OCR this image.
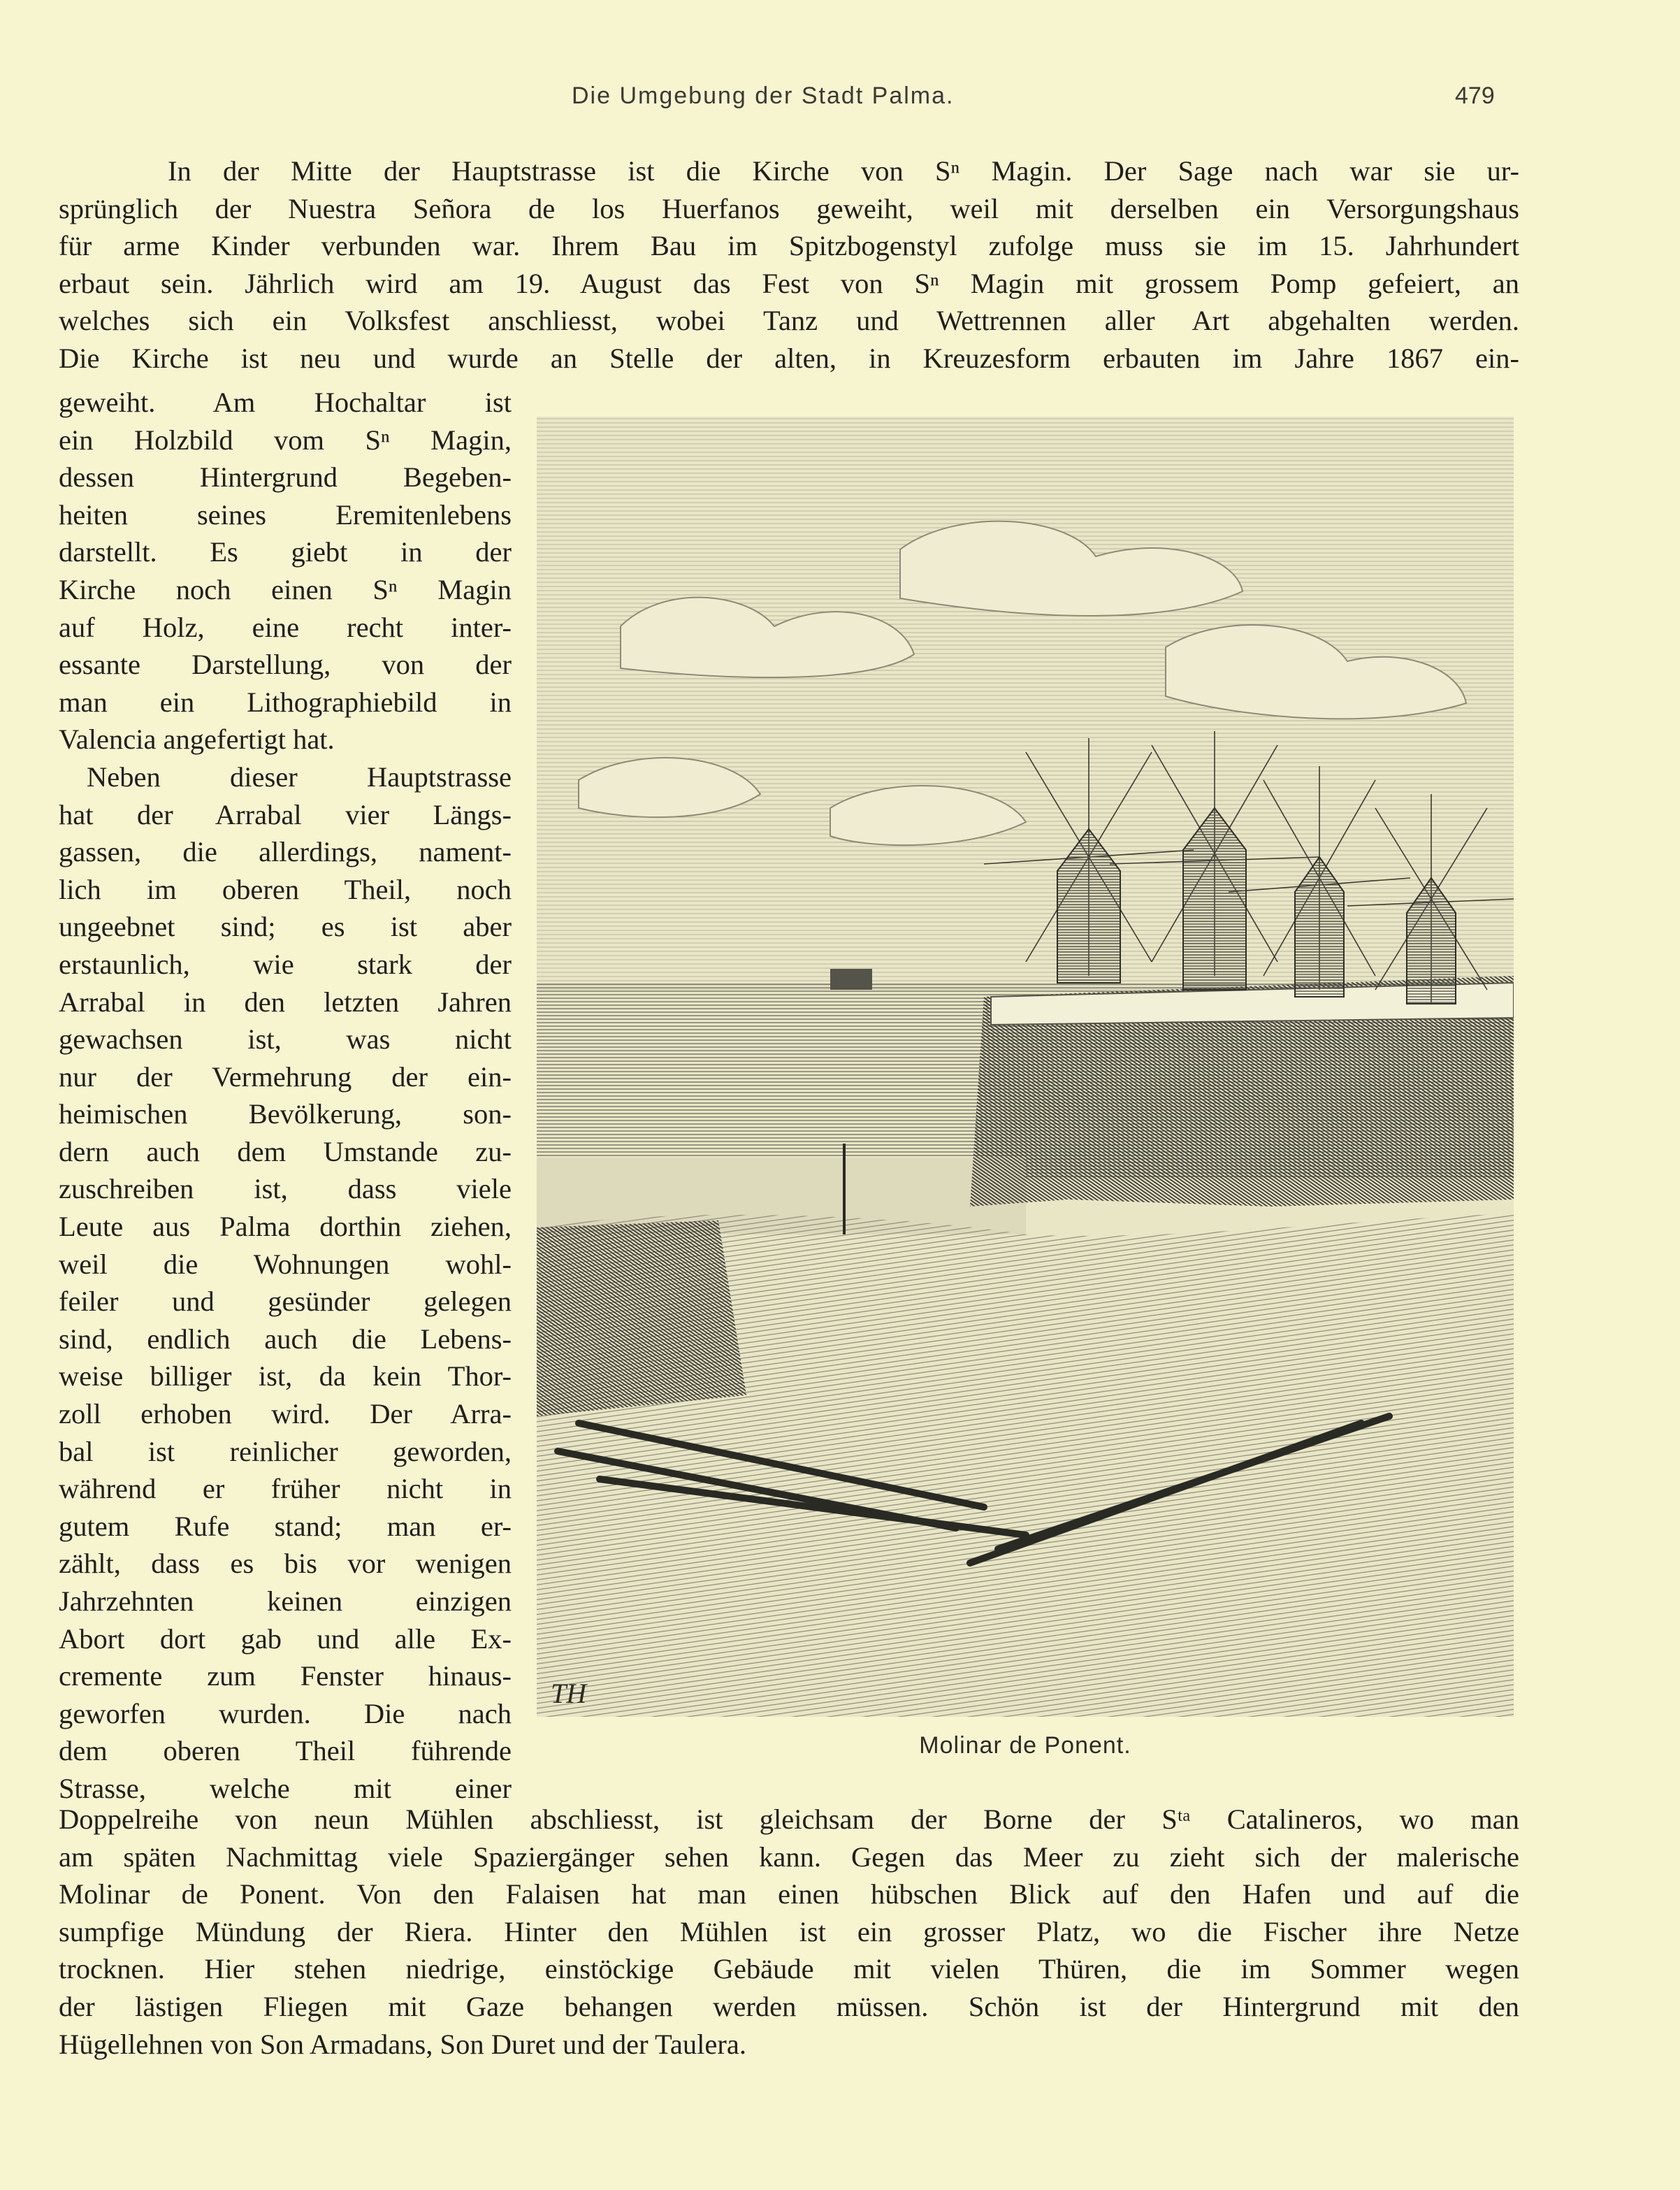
Die Umgebung der Stadt Palma.	479
In der Mitte der Hauptstrasse ist die Kirche von Sⁿ Magin. Der Sage nach war sie ur-
sprünglich der Nuestra Señora de los Huerfanos geweiht, weil mit derselben ein Versorgungshaus
für arme Kinder verbunden war. Ihrem Bau im Spitzbogenstyl zufolge muss sie im 15. Jahrhundert
erbaut sein. Jährlich wird am 19. August das Fest von Sⁿ Magin mit grossem Pomp gefeiert, an
welches sich ein Volksfest anschliesst, wobei Tanz und Wettrennen aller Art abgehalten werden.
Die Kirche ist neu und wurde an Stelle der alten, in Kreuzesform erbauten im Jahre 1867 ein-
geweiht. Am Hochaltar ist
ein Holzbild vom Sⁿ Magin,
dessen Hintergrund Begeben-
heiten seines Eremitenlebens
darstellt. Es giebt in der
Kirche noch einen Sⁿ Magin
auf Holz, eine recht inter-
essante Darstellung, von der
man ein Lithographiebild in
Valencia angefertigt hat.
Neben dieser Hauptstrasse
hat der Arrabal vier Längs-
gassen, die allerdings, nament-
lich im oberen Theil, noch
ungeebnet sind; es ist aber
erstaunlich, wie stark der
Arrabal in den letzten Jahren
gewachsen ist, was nicht
nur der Vermehrung der ein-
heimischen Bevölkerung, son-
dern auch dem Umstande zu-
zuschreiben ist, dass viele
Leute aus Palma dorthin ziehen,
weil die Wohnungen wohl-
feiler und gesünder gelegen
sind, endlich auch die Lebens-
weise billiger ist, da kein Thor-
zoll erhoben wird. Der Arra-
bal ist reinlicher geworden,
während er früher nicht in
gutem Rufe stand; man er-
zählt, dass es bis vor wenigen
Jahrzehnten keinen einzigen
Abort dort gab und alle Ex-
cremente zum Fenster hinaus-
geworfen wurden. Die nach
dem oberen Theil führende
Strasse, welche mit einer
TH
Molinar de Ponent.
Doppelreihe von neun Mühlen abschliesst, ist gleichsam der Borne der Sᵗᵃ Catalineros, wo man
am späten Nachmittag viele Spaziergänger sehen kann. Gegen das Meer zu zieht sich der malerische
Molinar de Ponent. Von den Falaisen hat man einen hübschen Blick auf den Hafen und auf die
sumpfige Mündung der Riera. Hinter den Mühlen ist ein grosser Platz, wo die Fischer ihre Netze
trocknen. Hier stehen niedrige, einstöckige Gebäude mit vielen Thüren, die im Sommer wegen
der lästigen Fliegen mit Gaze behangen werden müssen. Schön ist der Hintergrund mit den
Hügellehnen von Son Armadans, Son Duret und der Taulera.
